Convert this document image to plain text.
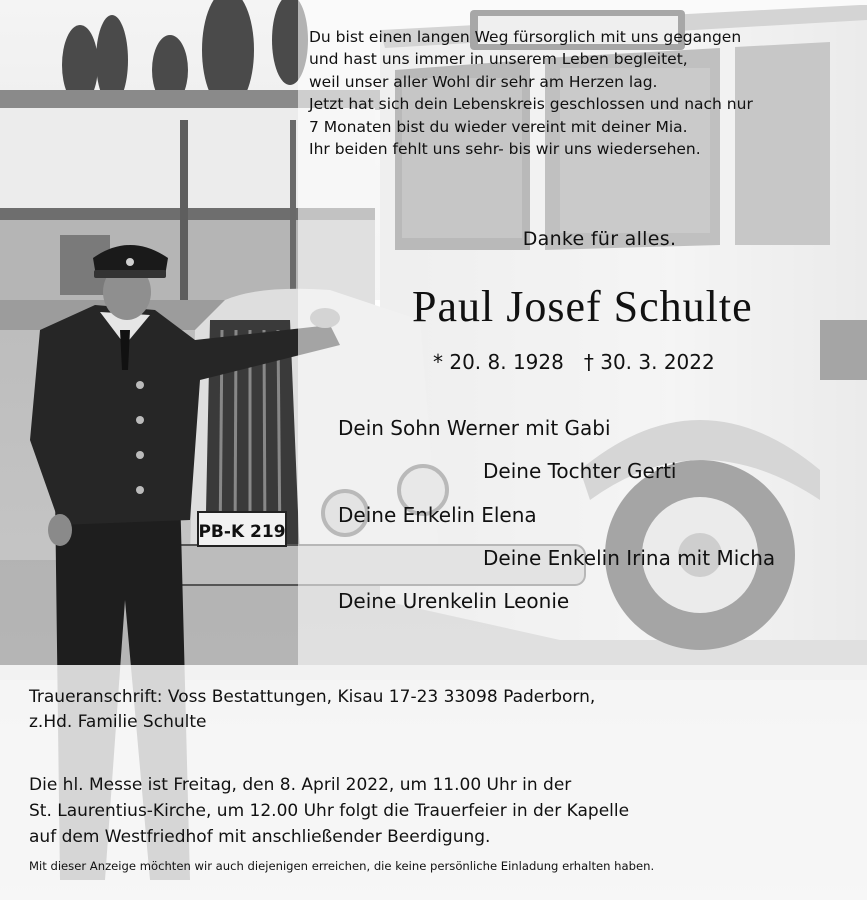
PB-K 219
Du bist einen langen Weg fürsorglich mit uns gegangen
und hast uns immer in unserem Leben begleitet,
weil unser aller Wohl dir sehr am Herzen lag.
Jetzt hat sich dein Lebenskreis geschlossen und nach nur
7 Monaten bist du wieder vereint mit deiner Mia.
Ihr beiden fehlt uns sehr- bis wir uns wiedersehen.
Danke für alles.
Paul Josef Schulte
* 20. 8. 1928 † 30. 3. 2022
Dein Sohn Werner mit Gabi
Deine Tochter Gerti
Deine Enkelin Elena
Deine Enkelin Irina mit Micha
Deine Urenkelin Leonie
Traueranschrift: Voss Bestattungen, Kisau 17-23 33098 Paderborn,
z.Hd. Familie Schulte
Die hl. Messe ist Freitag, den 8. April 2022, um 11.00 Uhr in der
St. Laurentius-Kirche, um 12.00 Uhr folgt die Trauerfeier in der Kapelle
auf dem Westfriedhof mit anschließender Beerdigung.
Mit dieser Anzeige möchten wir auch diejenigen erreichen, die keine persönliche Einladung erhalten haben.
